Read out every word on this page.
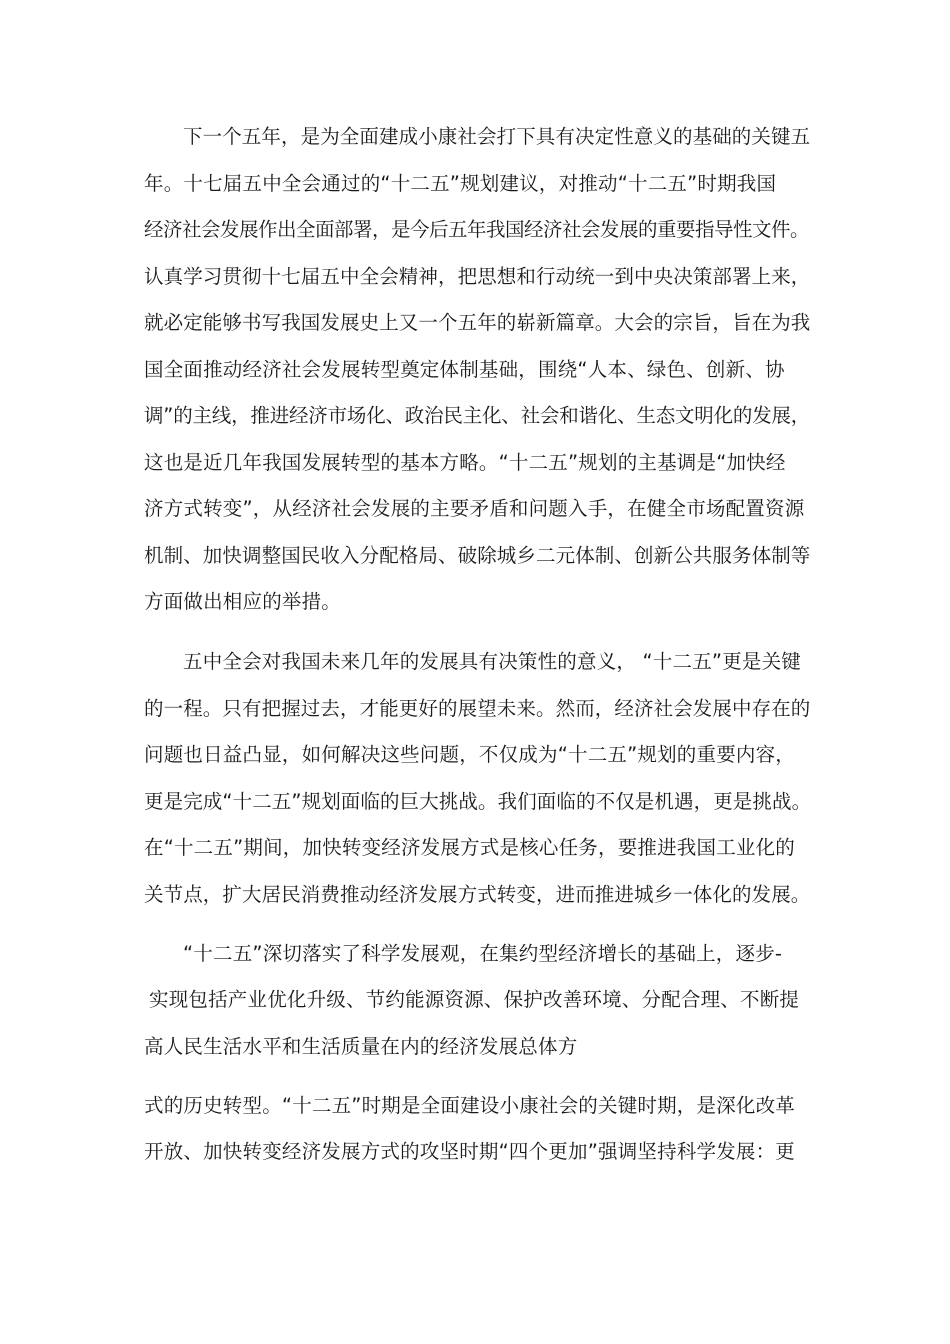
下一个五年，是为全面建成小康社会打下具有决定性意义的基础的关键五
年。十七届五中全会通过的“十二五”规划建议，对推动“十二五”时期我国
经济社会发展作出全面部署，是今后五年我国经济社会发展的重要指导性文件。
认真学习贯彻十七届五中全会精神，把思想和行动统一到中央决策部署上来，
就必定能够书写我国发展史上又一个五年的崭新篇章。大会的宗旨，旨在为我
国全面推动经济社会发展转型奠定体制基础，围绕“人本、绿色、创新、协
调”的主线，推进经济市场化、政治民主化、社会和谐化、生态文明化的发展，
这也是近几年我国发展转型的基本方略。“十二五”规划的主基调是“加快经
济方式转变”，从经济社会发展的主要矛盾和问题入手，在健全市场配置资源
机制、加快调整国民收入分配格局、破除城乡二元体制、创新公共服务体制等
方面做出相应的举措。
五中全会对我国未来几年的发展具有决策性的意义， “十二五”更是关键
的一程。只有把握过去，才能更好的展望未来。然而，经济社会发展中存在的
问题也日益凸显，如何解决这些问题，不仅成为“十二五”规划的重要内容，
更是完成“十二五”规划面临的巨大挑战。我们面临的不仅是机遇，更是挑战。
在“十二五”期间，加快转变经济发展方式是核心任务，要推进我国工业化的
关节点，扩大居民消费推动经济发展方式转变，进而推进城乡一体化的发展。
“十二五”深切落实了科学发展观，在集约型经济增长的基础上，逐步-
实现包括产业优化升级、节约能源资源、保护改善环境、分配合理、不断提
高人民生活水平和生活质量在内的经济发展总体方
式的历史转型。“十二五”时期是全面建设小康社会的关键时期，是深化改革
开放、加快转变经济发展方式的攻坚时期“四个更加”强调坚持科学发展：更
